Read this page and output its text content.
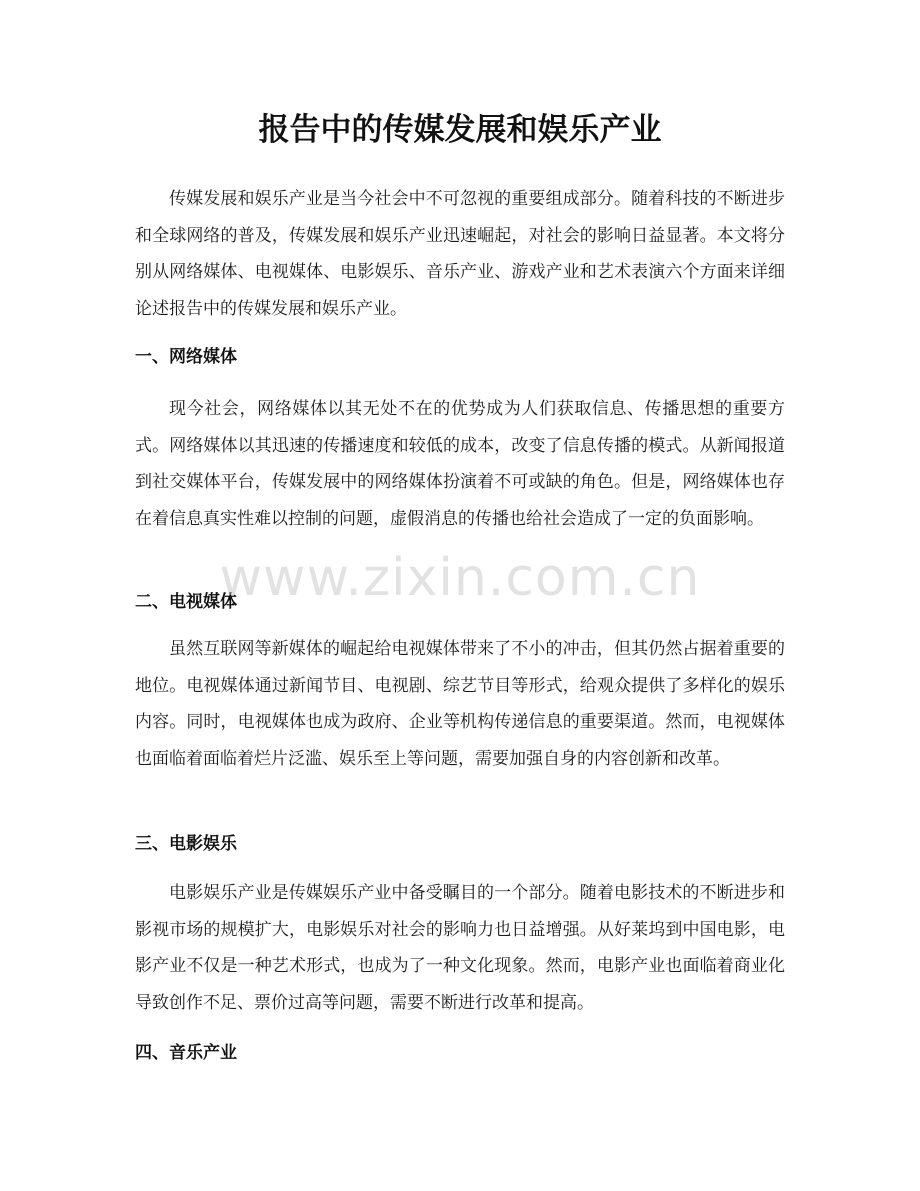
报告中的传媒发展和娱乐产业

传媒发展和娱乐产业是当今社会中不可忽视的重要组成部分。随着科技的不断进步和全球网络的普及，传媒发展和娱乐产业迅速崛起，对社会的影响日益显著。本文将分别从网络媒体、电视媒体、电影娱乐、音乐产业、游戏产业和艺术表演六个方面来详细论述报告中的传媒发展和娱乐产业。

一、网络媒体

现今社会，网络媒体以其无处不在的优势成为人们获取信息、传播思想的重要方式。网络媒体以其迅速的传播速度和较低的成本，改变了信息传播的模式。从新闻报道到社交媒体平台，传媒发展中的网络媒体扮演着不可或缺的角色。但是，网络媒体也存在着信息真实性难以控制的问题，虚假消息的传播也给社会造成了一定的负面影响。

二、电视媒体

虽然互联网等新媒体的崛起给电视媒体带来了不小的冲击，但其仍然占据着重要的地位。电视媒体通过新闻节目、电视剧、综艺节目等形式，给观众提供了多样化的娱乐内容。同时，电视媒体也成为政府、企业等机构传递信息的重要渠道。然而，电视媒体也面临着面临着烂片泛滥、娱乐至上等问题，需要加强自身的内容创新和改革。

三、电影娱乐

电影娱乐产业是传媒娱乐产业中备受瞩目的一个部分。随着电影技术的不断进步和影视市场的规模扩大，电影娱乐对社会的影响力也日益增强。从好莱坞到中国电影，电影产业不仅是一种艺术形式，也成为了一种文化现象。然而，电影产业也面临着商业化导致创作不足、票价过高等问题，需要不断进行改革和提高。

四、音乐产业
www.zixin.com.cn
